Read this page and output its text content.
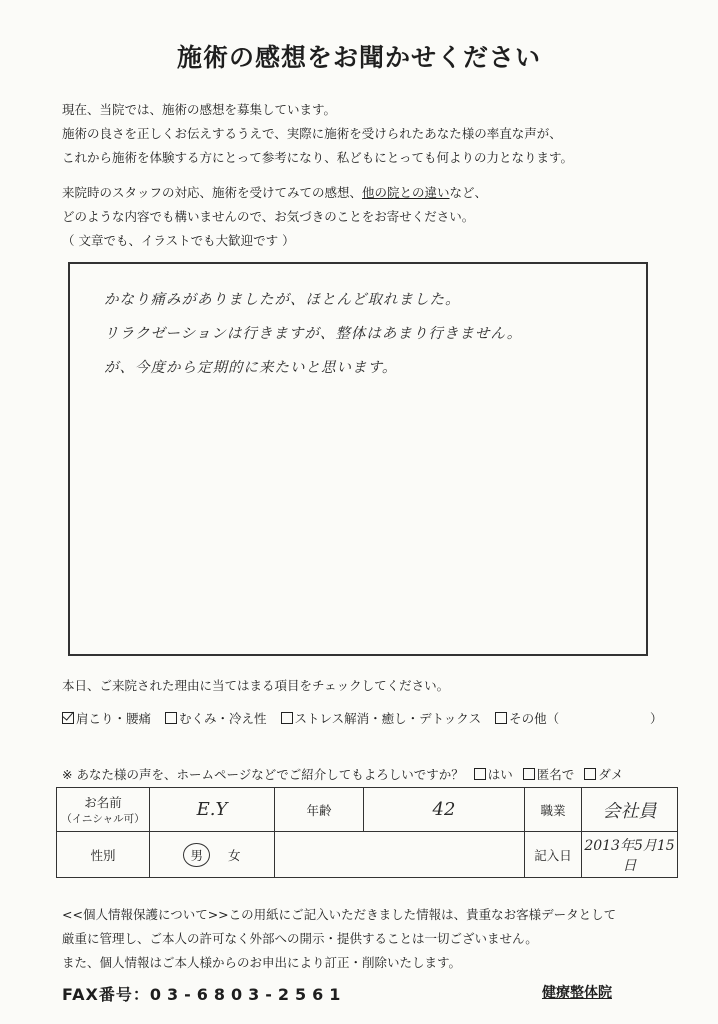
施術の感想をお聞かせください

現在、当院では、施術の感想を募集しています。

施術の良さを正しくお伝えするうえで、実際に施術を受けられたあなた様の率直な声が、

これから施術を体験する方にとって参考になり、私どもにとっても何よりの力となります。

来院時のスタッフの対応、施術を受けてみての感想、他の院との違いなど、

どのような内容でも構いませんので、お気づきのことをお寄せください。

（ 文章でも、イラストでも大歓迎です ）

かなり痛みがありましたが、ほとんど取れました。
リラクゼーションは行きますが、整体はあまり行きません。
が、今度から定期的に来たいと思います。
本日、ご来院された理由に当てはまる項目をチェックしてください。
肩こり・腰痛 むくみ・冷え性 ストレス解消・癒し・デトックス その他（	）
※ あなた様の声を、ホームページなどでご紹介してもよろしいですか？ はい 匿名で ダメ
お名前
（イニシャル可）	E.Y	年齢	42	職業	会社員
性別	男 女			記入日	2013年5月15日

<<個人情報保護について>>この用紙にご記入いただきました情報は、貴重なお客様データとして

厳重に管理し、ご本人の許可なく外部への開示・提供することは一切ございません。

また、個人情報はご本人様からのお申出により訂正・削除いたします。

FAX番号：03-6803-2561	健療整体院
